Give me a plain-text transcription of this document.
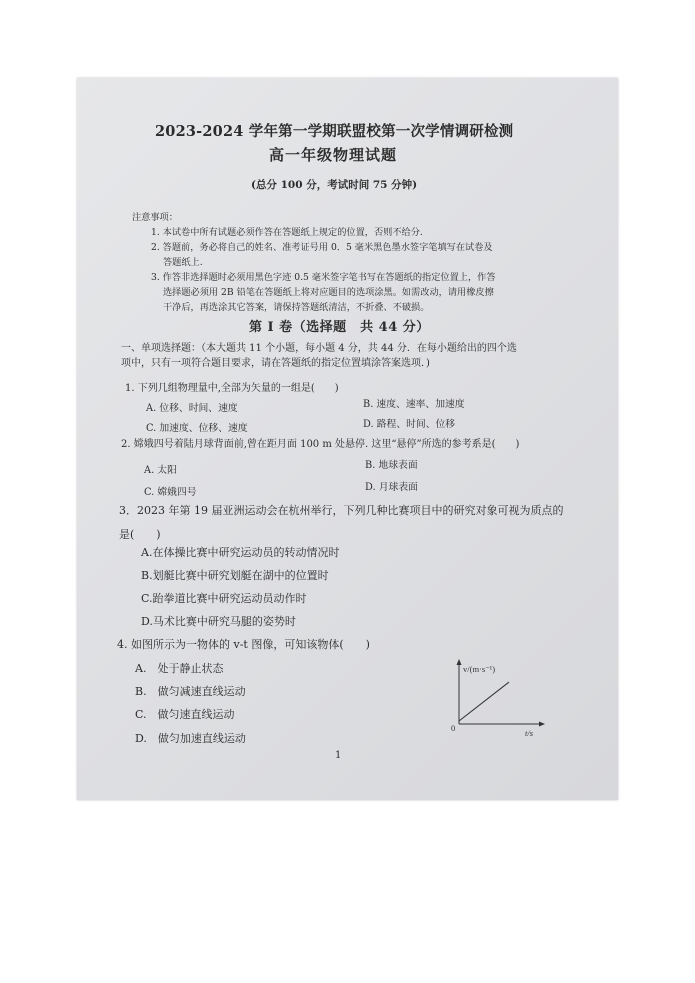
2023-2024 学年第一学期联盟校第一次学情调研检测
高一年级物理试题
(总分 100 分，考试时间 75 分钟)
注意事项：
1. 本试卷中所有试题必须作答在答题纸上规定的位置，否则不给分.
2. 答题前，务必将自己的姓名、准考证号用 0．5 毫米黑色墨水签字笔填写在试卷及
答题纸上.
3. 作答非选择题时必须用黑色字迹 0.5 毫米签字笔书写在答题纸的指定位置上，作答
选择题必须用 2B 铅笔在答题纸上将对应题目的选项涂黑。如需改动，请用橡皮擦
干净后，再选涂其它答案，请保持答题纸清洁，不折叠、不破损。
第 I 卷（选择题　共 44 分）
一、单项选择题：（本大题共 11 个小题，每小题 4 分，共 44 分．在每小题给出的四个选
项中，只有一项符合题目要求，请在答题纸的指定位置填涂答案选项．)
1. 下列几组物理量中,全部为矢量的一组是(　　)
A. 位移、时间、速度	B. 速度、速率、加速度
C. 加速度、位移、速度	D. 路程、时间、位移
2. 嫦娥四号着陆月球背面前,曾在距月面 100 m 处悬停. 这里“悬停”所选的参考系是(　　)
A. 太阳	B. 地球表面
C. 嫦娥四号	D. 月球表面
3．2023 年第 19 届亚洲运动会在杭州举行，下列几种比赛项目中的研究对象可视为质点的
是(　　)
A.在体操比赛中研究运动员的转动情况时
B.划艇比赛中研究划艇在湖中的位置时
C.跆拳道比赛中研究运动员动作时
D.马术比赛中研究马腿的姿势时
4. 如图所示为一物体的 v-t 图像，可知该物体(　　)
A.　处于静止状态
B.　做匀减速直线运动
C.　做匀速直线运动
D.　做匀加速直线运动
v/(m·s⁻¹)
t/s
0
1
